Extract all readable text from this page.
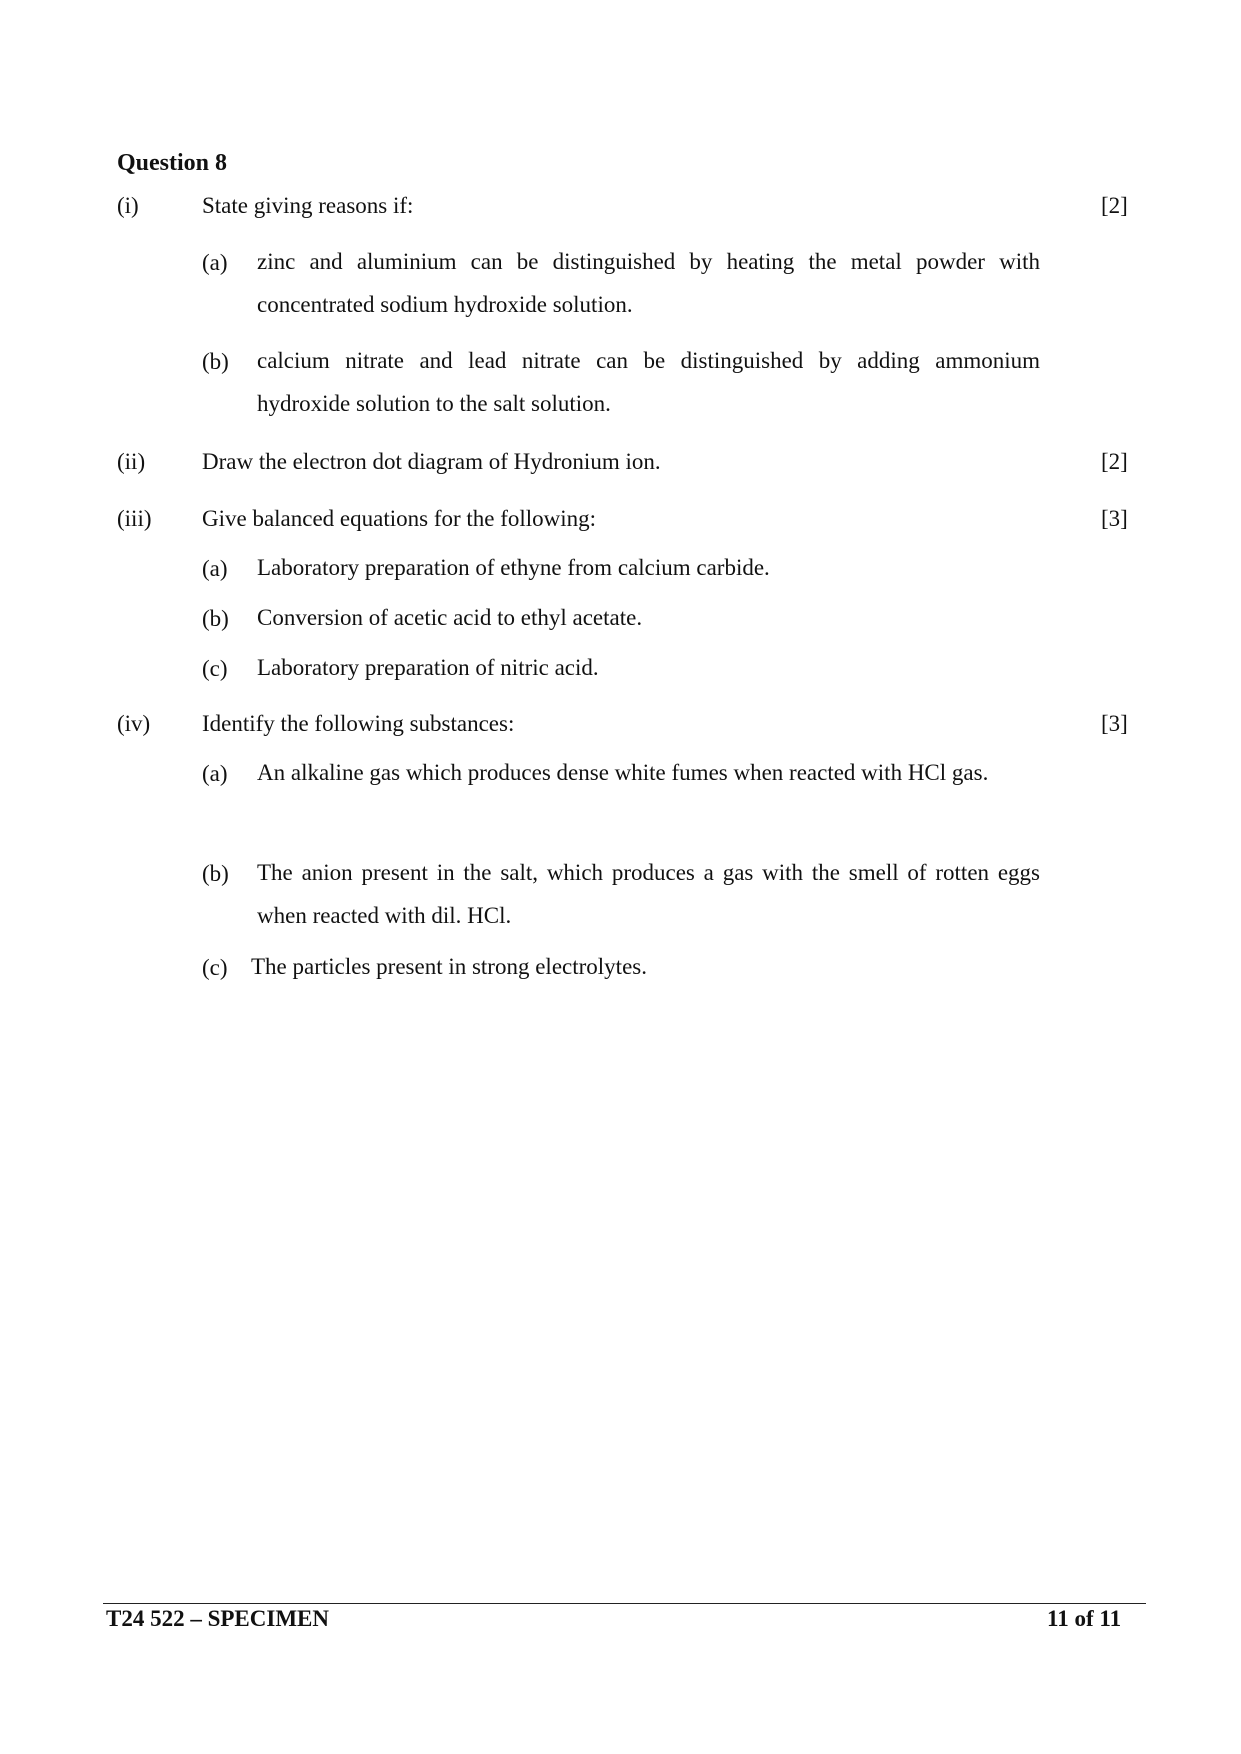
Question 8
(i)	State giving reasons if:	[2]
(a) zinc and aluminium can be distinguished by heating the metal powder with concentrated sodium hydroxide solution.
(b) calcium nitrate and lead nitrate can be distinguished by adding ammonium hydroxide solution to the salt solution.
(ii) Draw the electron dot diagram of Hydronium ion.	[2]
(iii) Give balanced equations for the following:	[3]
(a) Laboratory preparation of ethyne from calcium carbide.
(b) Conversion of acetic acid to ethyl acetate.
(c) Laboratory preparation of nitric acid.
(iv) Identify the following substances:	[3]
(a) An alkaline gas which produces dense white fumes when reacted with HCl gas.
(b) The anion present in the salt, which produces a gas with the smell of rotten eggs when reacted with dil. HCl.
(c) The particles present in strong electrolytes.
T24 522 – SPECIMEN	11 of 11
